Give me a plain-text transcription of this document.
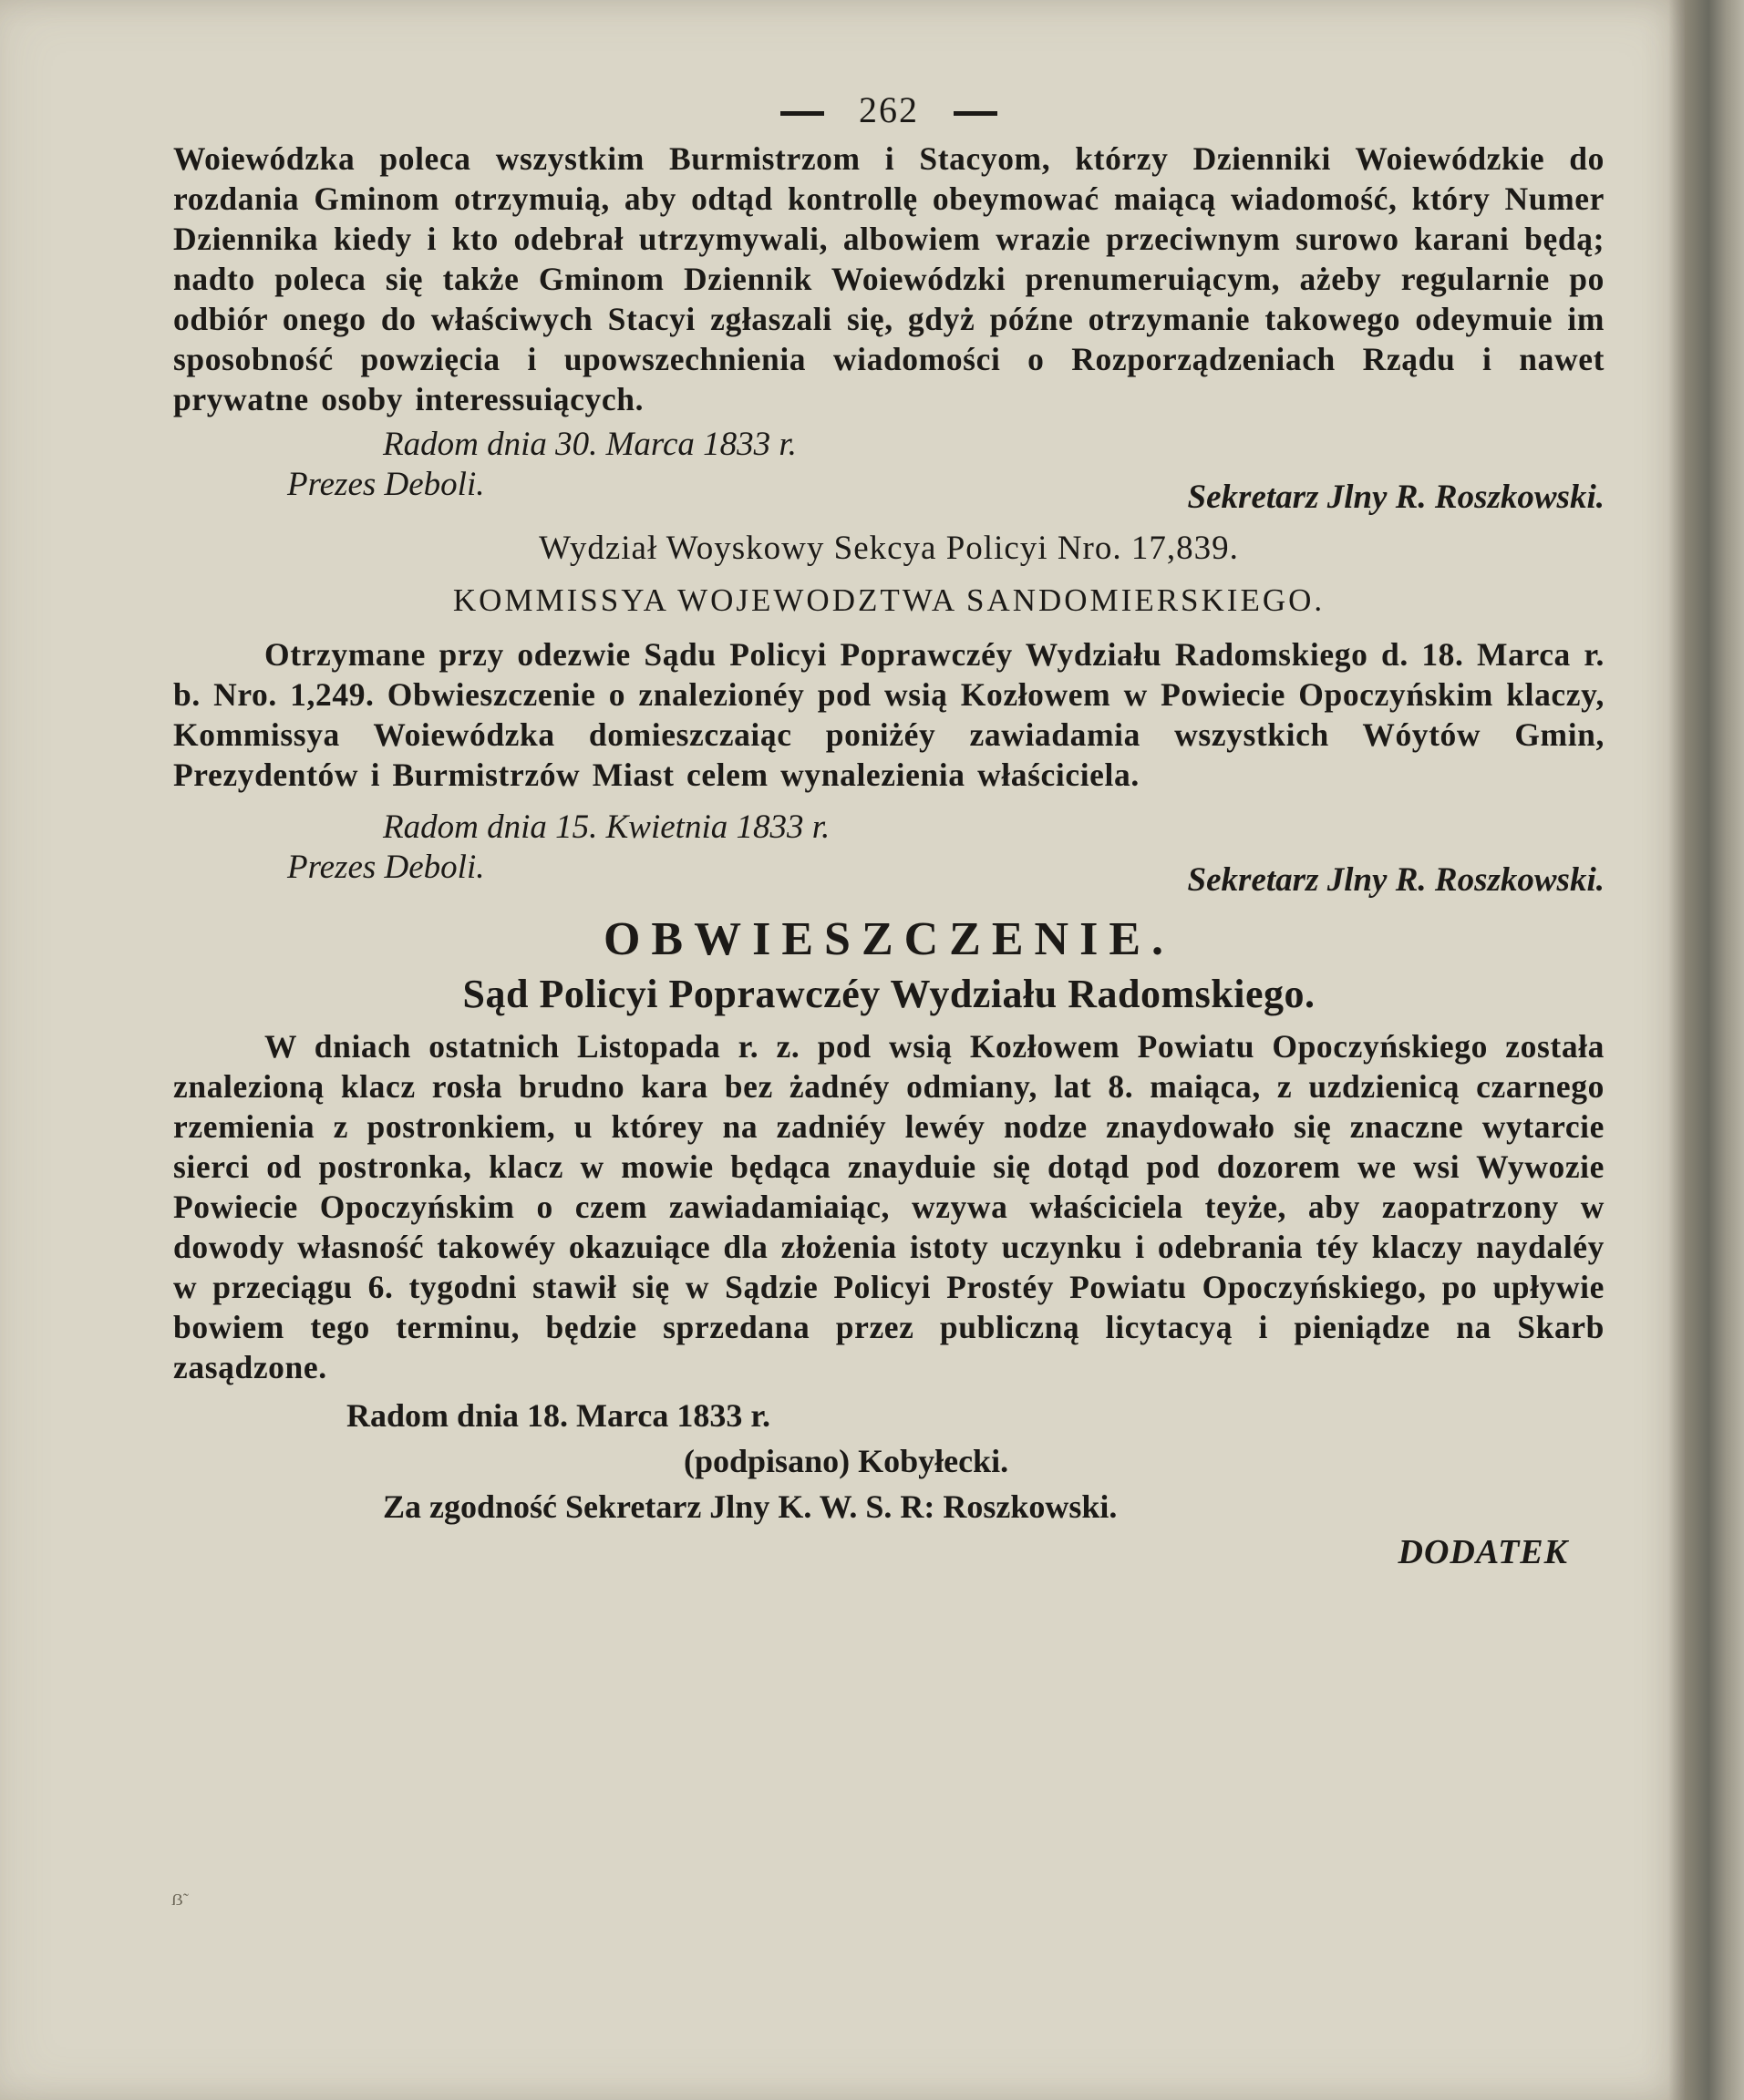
262

Woiewódzka poleca wszystkim Burmistrzom i Stacyom, którzy Dzienniki Woiewódzkie do rozdania Gminom otrzymuią, aby odtąd kontrollę obeymować maiącą wiadomość, który Numer Dziennika kiedy i kto odebrał utrzymywali, albowiem wrazie przeciwnym surowo karani będą; nadto poleca się także Gminom Dziennik Woiewódzki prenumeruiącym, ażeby regularnie po odbiór onego do właściwych Stacyi zgłaszali się, gdyż późne otrzymanie takowego odeymuie im sposobność powzięcia i upowszechnienia wiadomości o Rozporządzeniach Rządu i nawet prywatne osoby interessuiących.

Radom dnia 30. Marca 1833 r.

Prezes Deboli.	Sekretarz Jlny R. Roszkowski.

Wydział Woyskowy Sekcya Policyi Nro. 17,839.

KOMMISSYA WOJEWODZTWA SANDOMIERSKIEGO.

Otrzymane przy odezwie Sądu Policyi Poprawczéy Wydziału Radomskiego d. 18. Marca r. b. Nro. 1,249. Obwieszczenie o znalezionéy pod wsią Kozłowem w Powiecie Opoczyńskim klaczy, Kommissya Woiewódzka domieszczaiąc poniżéy zawiadamia wszystkich Wóytów Gmin, Prezydentów i Burmistrzów Miast celem wynalezienia właściciela.

Radom dnia 15. Kwietnia 1833 r.

Prezes Deboli.	Sekretarz Jlny R. Roszkowski.

OBWIESZCZENIE.

Sąd Policyi Poprawczéy Wydziału Radomskiego.

W dniach ostatnich Listopada r. z. pod wsią Kozłowem Powiatu Opoczyńskiego została znalezioną klacz rosła brudno kara bez żadnéy odmiany, lat 8. maiąca, z uzdzienicą czarnego rzemienia z postronkiem, u którey na zadniéy lewéy nodze znaydowało się znaczne wytarcie sierci od postronka, klacz w mowie będąca znayduie się dotąd pod dozorem we wsi Wywozie Powiecie Opoczyńskim o czem zawiadamiaiąc, wzywa właściciela teyże, aby zaopatrzony w dowody własność takowéy okazuiące dla złożenia istoty uczynku i odebrania téy klaczy naydaléy w przeciągu 6. tygodni stawił się w Sądzie Policyi Prostéy Powiatu Opoczyńskiego, po upływie bowiem tego terminu, będzie sprzedana przez publiczną licytacyą i pieniądze na Skarb zasądzone.

Radom dnia 18. Marca 1833 r.

(podpisano) Kobyłecki.

Za zgodność Sekretarz Jlny K. W. S. R: Roszkowski.

DODATEK

ẞ̃
